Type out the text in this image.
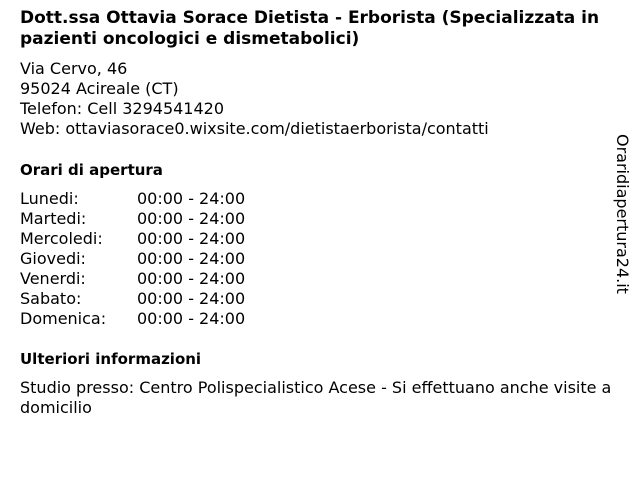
Dott.ssa Ottavia Sorace Dietista - Erborista (Specializzata in pazienti oncologici e dismetabolici)
Via Cervo, 46
95024 Acireale (CT)
Telefon: Cell 3294541420
Web: ottaviasorace0.wixsite.com/dietistaerborista/contatti
Orari di apertura
Lunedi:	00:00 - 24:00
Martedi:	00:00 - 24:00
Mercoledi:	00:00 - 24:00
Giovedi:	00:00 - 24:00
Venerdi:	00:00 - 24:00
Sabato:	00:00 - 24:00
Domenica:	00:00 - 24:00
Ulteriori informazioni
Studio presso: Centro Polispecialistico Acese - Si effettuano anche visite a domicilio
Oraridiapertura24.it
